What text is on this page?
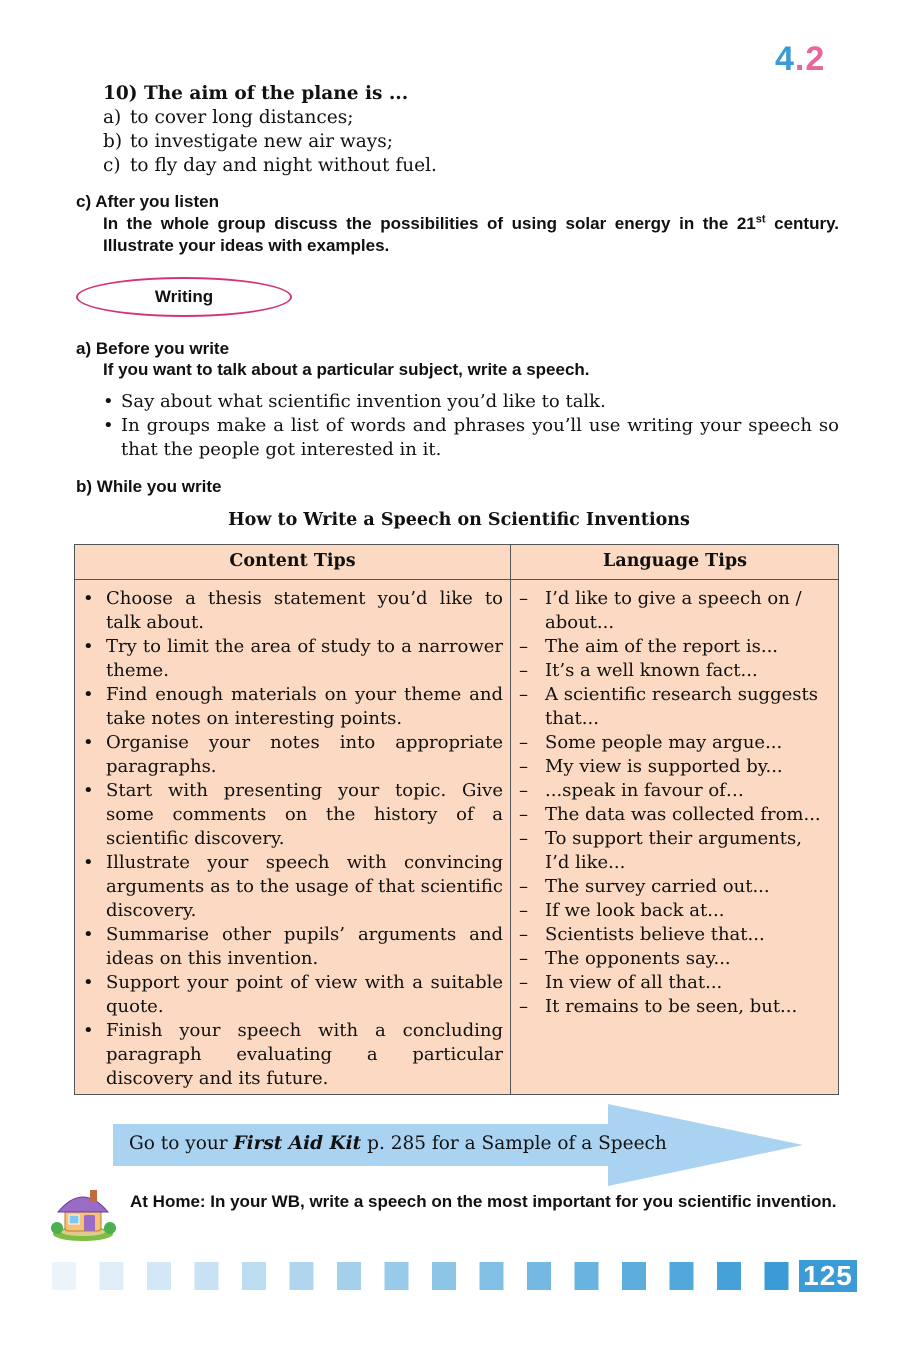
4.2
10) The aim of the plane is ...
a) to cover long distances;
b) to investigate new air ways;
c) to fly day and night without fuel.
c) After you listen
In the whole group discuss the possibilities of using solar energy in the 21st century. Illustrate your ideas with examples.
Writing
a) Before you write
If you want to talk about a particular subject, write a speech.
• Say about what scientific invention you’d like to talk.
• In groups make a list of words and phrases you’ll use writing your speech so that the people got interested in it.
b) While you write
How to Write a Speech on Scientific Inventions
Content Tips	Language Tips
• Choose a thesis statement you’d like to talk about.
• Try to limit the area of study to a narrower theme.
• Find enough materials on your theme and take notes on interesting points.
• Organise your notes into appropriate paragraphs.
• Start with presenting your topic. Give some comments on the history of a scientific discovery.
• Illustrate your speech with convincing arguments as to the usage of that scientific discovery.
• Summarise other pupils’ arguments and ideas on this invention.
• Support your point of view with a suitable quote.
• Finish your speech with a concluding paragraph evaluating a particular discovery and its future.
– I’d like to give a speech on / about...
– The aim of the report is...
– It’s a well known fact...
– A scientific research suggests that...
– Some people may argue...
– My view is supported by...
– ...speak in favour of…
– The data was collected from...
– To support their arguments, I’d like...
– The survey carried out...
– If we look back at...
– Scientists believe that...
– The opponents say...
– In view of all that...
– It remains to be seen, but...
Go to your First Aid Kit p. 285 for a Sample of a Speech
At Home: In your WB, write a speech on the most important for you scientific invention.
125
